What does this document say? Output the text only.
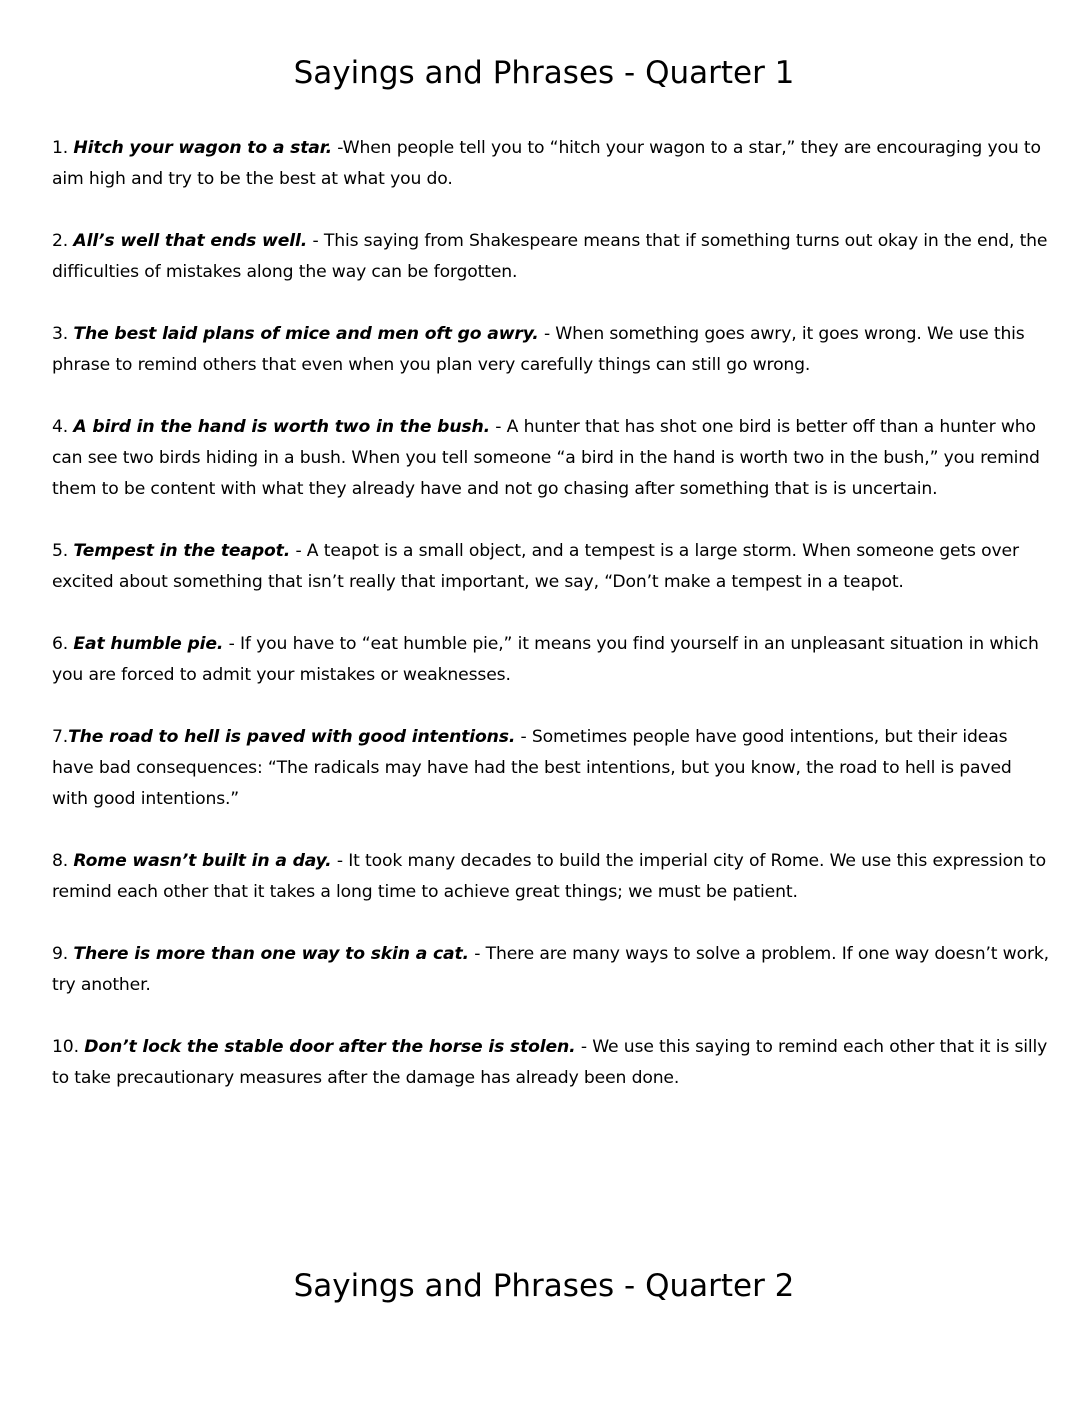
Sayings and Phrases - Quarter 1
1. Hitch your wagon to a star. -When people tell you to “hitch your wagon to a star,” they are encouraging you to aim high and try to be the best at what you do.
2. All’s well that ends well. - This saying from Shakespeare means that if something turns out okay in the end, the difficulties of mistakes along the way can be forgotten.
3. The best laid plans of mice and men oft go awry. - When something goes awry, it goes wrong. We use this phrase to remind others that even when you plan very carefully things can still go wrong.
4. A bird in the hand is worth two in the bush. - A hunter that has shot one bird is better off than a hunter who can see two birds hiding in a bush. When you tell someone “a bird in the hand is worth two in the bush,” you remind them to be content with what they already have and not go chasing after something that is is uncertain.
5. Tempest in the teapot. - A teapot is a small object, and a tempest is a large storm. When someone gets over excited about something that isn’t really that important, we say, “Don’t make a tempest in a teapot.
6. Eat humble pie. - If you have to “eat humble pie,” it means you find yourself in an unpleasant situation in which you are forced to admit your mistakes or weaknesses.
7.The road to hell is paved with good intentions. - Sometimes people have good intentions, but their ideas have bad consequences: “The radicals may have had the best intentions, but you know, the road to hell is paved with good intentions.”
8. Rome wasn’t built in a day. - It took many decades to build the imperial city of Rome. We use this expression to remind each other that it takes a long time to achieve great things; we must be patient.
9. There is more than one way to skin a cat. - There are many ways to solve a problem. If one way doesn’t work, try another.
10. Don’t lock the stable door after the horse is stolen. - We use this saying to remind each other that it is silly to take precautionary measures after the damage has already been done.
Sayings and Phrases - Quarter 2
